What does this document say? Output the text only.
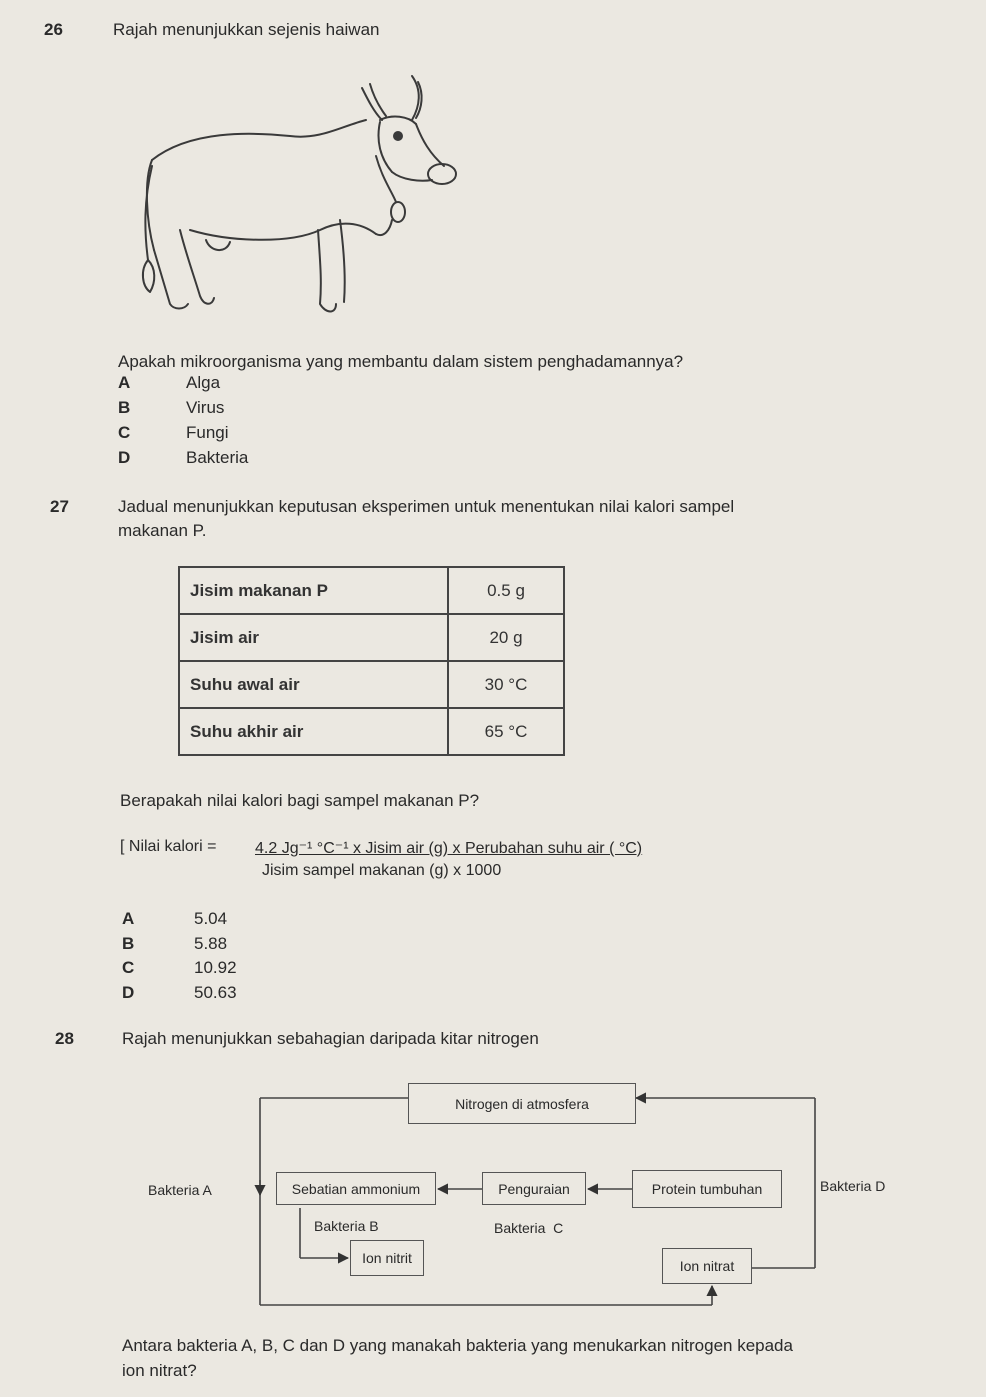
26	Rajah menunjukkan sejenis haiwan
Apakah mikroorganisma yang membantu dalam sistem penghadamannya?
A	Alga
B	Virus
C	Fungi
D	Bakteria
27	Jadual menunjukkan keputusan eksperimen untuk menentukan nilai kalori sampel
makanan P.
Jisim makanan P	0.5 g
Jisim air	20 g
Suhu awal air	30 °C
Suhu akhir air	65 °C
Berapakah nilai kalori bagi sampel makanan P?
[ Nilai kalori = 4.2 Jg⁻¹ °C⁻¹ x Jisim air (g) x Perubahan suhu air ( °C)
Jisim sampel makanan (g) x 1000
A	5.04
B	5.88
C	10.92
D	50.63
28	Rajah menunjukkan sebahagian daripada kitar nitrogen
Nitrogen di atmosfera
Sebatian ammonium	Penguraian	Protein tumbuhan
Ion nitrit	Ion nitrat
Bakteria A
Bakteria B	Bakteria  C
Bakteria D
Antara bakteria A, B, C dan D yang manakah bakteria yang menukarkan nitrogen kepada
ion nitrat?
